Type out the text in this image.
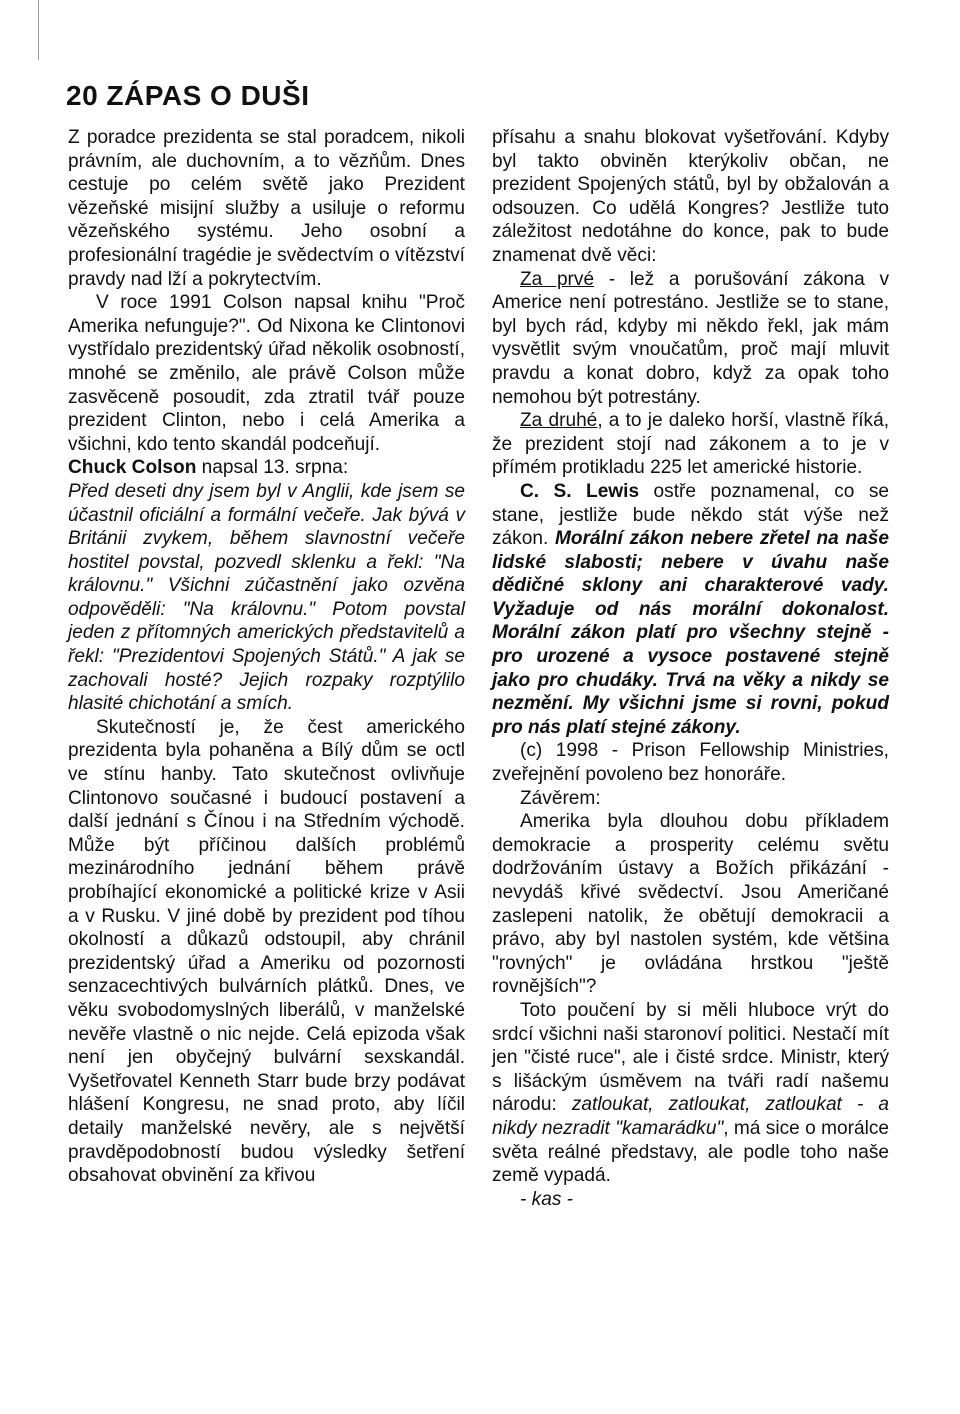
20 ZÁPAS O DUŠI

Z poradce prezidenta se stal poradcem, nikoli právním, ale duchovním, a to vězňům. Dnes cestuje po celém světě jako Prezident vězeňské misijní služby a usiluje o reformu vězeňského systému. Jeho osobní a profesionální tragédie je svědectvím o vítězství pravdy nad lží a pokrytectvím.

V roce 1991 Colson napsal knihu "Proč Amerika nefunguje?". Od Nixona ke Clintonovi vystřídalo prezidentský úřad několik osobností, mnohé se změnilo, ale právě Colson může zasvěceně posoudit, zda ztratil tvář pouze prezident Clinton, nebo i celá Amerika a všichni, kdo tento skandál podceňují.

Chuck Colson napsal 13. srpna:

Před deseti dny jsem byl v Anglii, kde jsem se účastnil oficiální a formální večeře. Jak bývá v Británii zvykem, během slavnostní večeře hostitel povstal, pozvedl sklenku a řekl: "Na královnu." Všichni zúčastnění jako ozvěna odpověděli: "Na královnu." Potom povstal jeden z přítomných amerických představitelů a řekl: "Prezidentovi Spojených Států." A jak se zachovali hosté? Jejich rozpaky rozptýlilo hlasité chichotání a smích.

Skutečností je, že čest amerického prezidenta byla pohaněna a Bílý dům se octl ve stínu hanby. Tato skutečnost ovlivňuje Clintonovo současné i budoucí postavení a další jednání s Čínou i na Středním východě. Může být příčinou dalších problémů mezinárodního jednání během právě probíhající ekonomické a politické krize v Asii a v Rusku. V jiné době by prezident pod tíhou okolností a důkazů odstoupil, aby chránil prezidentský úřad a Ameriku od pozornosti senzacechtivých bulvárních plátků. Dnes, ve věku svobodomyslných liberálů, v manželské nevěře vlastně o nic nejde. Celá epizoda však není jen obyčejný bulvární sexskandál. Vyšetřovatel Kenneth Starr bude brzy podávat hlášení Kongresu, ne snad proto, aby líčil detaily manželské nevěry, ale s největší pravděpodobností budou výsledky šetření obsahovat obvinění za křivou

přísahu a snahu blokovat vyšetřování. Kdyby byl takto obviněn kterýkoliv občan, ne prezident Spojených států, byl by obžalován a odsouzen. Co udělá Kongres? Jestliže tuto záležitost nedotáhne do konce, pak to bude znamenat dvě věci:

Za prvé - lež a porušování zákona v Americe není potrestáno. Jestliže se to stane, byl bych rád, kdyby mi někdo řekl, jak mám vysvětlit svým vnoučatům, proč mají mluvit pravdu a konat dobro, když za opak toho nemohou být potrestány.

Za druhé, a to je daleko horší, vlastně říká, že prezident stojí nad zákonem a to je v přímém protikladu 225 let americké historie.

C. S. Lewis ostře poznamenal, co se stane, jestliže bude někdo stát výše než zákon. Morální zákon nebere zřetel na naše lidské slabosti; nebere v úvahu naše dědičné sklony ani charakterové vady. Vyžaduje od nás morální dokonalost. Morální zákon platí pro všechny stejně - pro urozené a vysoce postavené stejně jako pro chudáky. Trvá na věky a nikdy se nezmění. My všichni jsme si rovni, pokud pro nás platí stejné zákony.

(c) 1998 - Prison Fellowship Ministries, zveřejnění povoleno bez honoráře.

Závěrem:

Amerika byla dlouhou dobu příkladem demokracie a prosperity celému světu dodržováním ústavy a Božích přikázání - nevydáš křivé svědectví. Jsou Američané zaslepeni natolik, že obětují demokracii a právo, aby byl nastolen systém, kde většina "rovných" je ovládána hrstkou "ještě rovnějších"?

Toto poučení by si měli hluboce vrýt do srdcí všichni naši staronoví politici. Nestačí mít jen "čisté ruce", ale i čisté srdce. Ministr, který s lišáckým úsměvem na tváři radí našemu národu: zatloukat, zatloukat, zatloukat - a nikdy nezradit "kamarádku", má sice o morálce světa reálné představy, ale podle toho naše země vypadá.

- kas -
